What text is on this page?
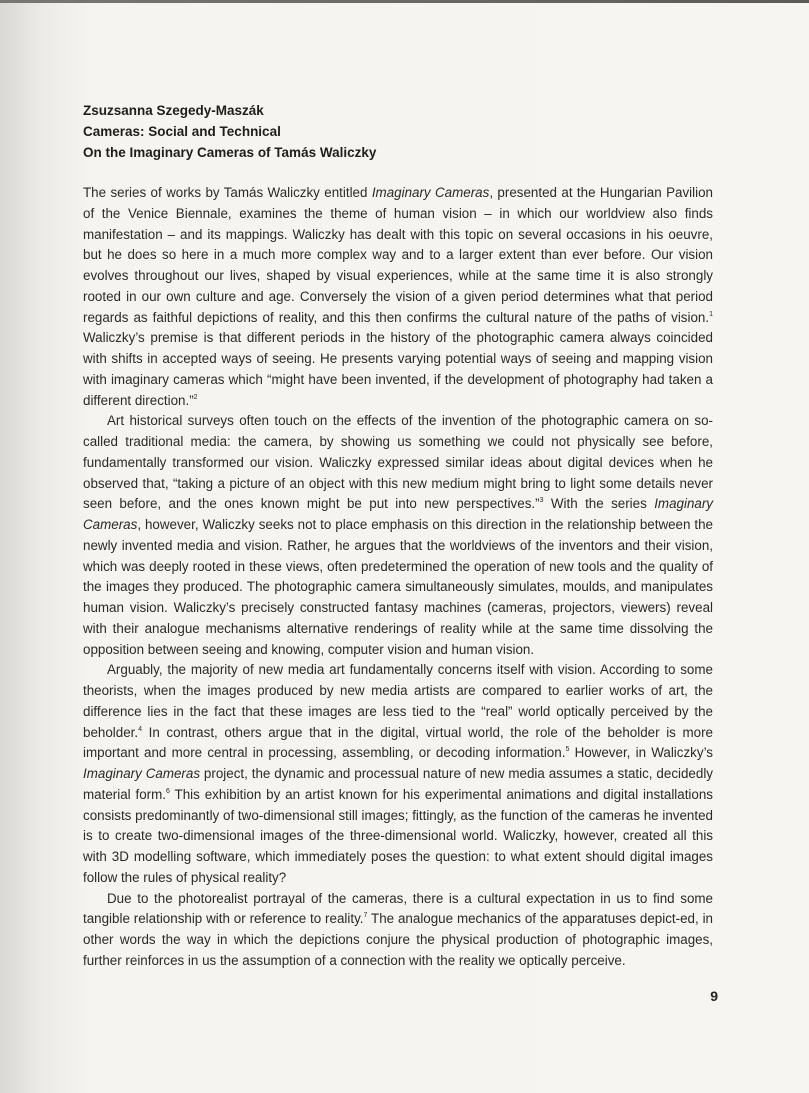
Zsuzsanna Szegedy-Maszák
Cameras: Social and Technical
On the Imaginary Cameras of Tamás Waliczky

The series of works by Tamás Waliczky entitled Imaginary Cameras, presented at the Hungarian Pavilion of the Venice Biennale, examines the theme of human vision – in which our worldview also finds manifestation – and its mappings. Waliczky has dealt with this topic on several occasions in his oeuvre, but he does so here in a much more complex way and to a larger extent than ever before. Our vision evolves throughout our lives, shaped by visual experiences, while at the same time it is also strongly rooted in our own culture and age. Conversely the vision of a given period determines what that period regards as faithful depictions of reality, and this then confirms the cultural nature of the paths of vision.$^1$ Waliczky’s premise is that different periods in the history of the photographic camera always coincided with shifts in accepted ways of seeing. He presents varying potential ways of seeing and mapping vision with imaginary cameras which “might have been invented, if the development of photography had taken a different direction.”$^2$

Art historical surveys often touch on the effects of the invention of the photographic camera on so-called traditional media: the camera, by showing us something we could not physically see before, fundamentally transformed our vision. Waliczky expressed similar ideas about digital devices when he observed that, “taking a picture of an object with this new medium might bring to light some details never seen before, and the ones known might be put into new perspectives.”$^3$ With the series Imaginary Cameras, however, Waliczky seeks not to place emphasis on this direction in the relationship between the newly invented media and vision. Rather, he argues that the worldviews of the inventors and their vision, which was deeply rooted in these views, often predetermined the operation of new tools and the quality of the images they produced. The photographic camera simultaneously simulates, moulds, and manipulates human vision. Waliczky’s precisely constructed fantasy machines (cameras, projectors, viewers) reveal with their analogue mechanisms alternative renderings of reality while at the same time dissolving the opposition between seeing and knowing, computer vision and human vision.

Arguably, the majority of new media art fundamentally concerns itself with vision. According to some theorists, when the images produced by new media artists are compared to earlier works of art, the difference lies in the fact that these images are less tied to the “real” world optically perceived by the beholder.$^4$ In contrast, others argue that in the digital, virtual world, the role of the beholder is more important and more central in processing, assembling, or decoding information.$^5$ However, in Waliczky’s Imaginary Cameras project, the dynamic and processual nature of new media assumes a static, decidedly material form.$^6$ This exhibition by an artist known for his experimental animations and digital installations consists predominantly of two-dimensional still images; fittingly, as the function of the cameras he invented is to create two-dimensional images of the three-dimensional world. Waliczky, however, created all this with 3D modelling software, which immediately poses the question: to what extent should digital images follow the rules of physical reality?

Due to the photorealist portrayal of the cameras, there is a cultural expectation in us to find some tangible relationship with or reference to reality.$^7$ The analogue mechanics of the apparatuses depict-ed, in other words the way in which the depictions conjure the physical production of photographic images, further reinforces in us the assumption of a connection with the reality we optically perceive.

9
